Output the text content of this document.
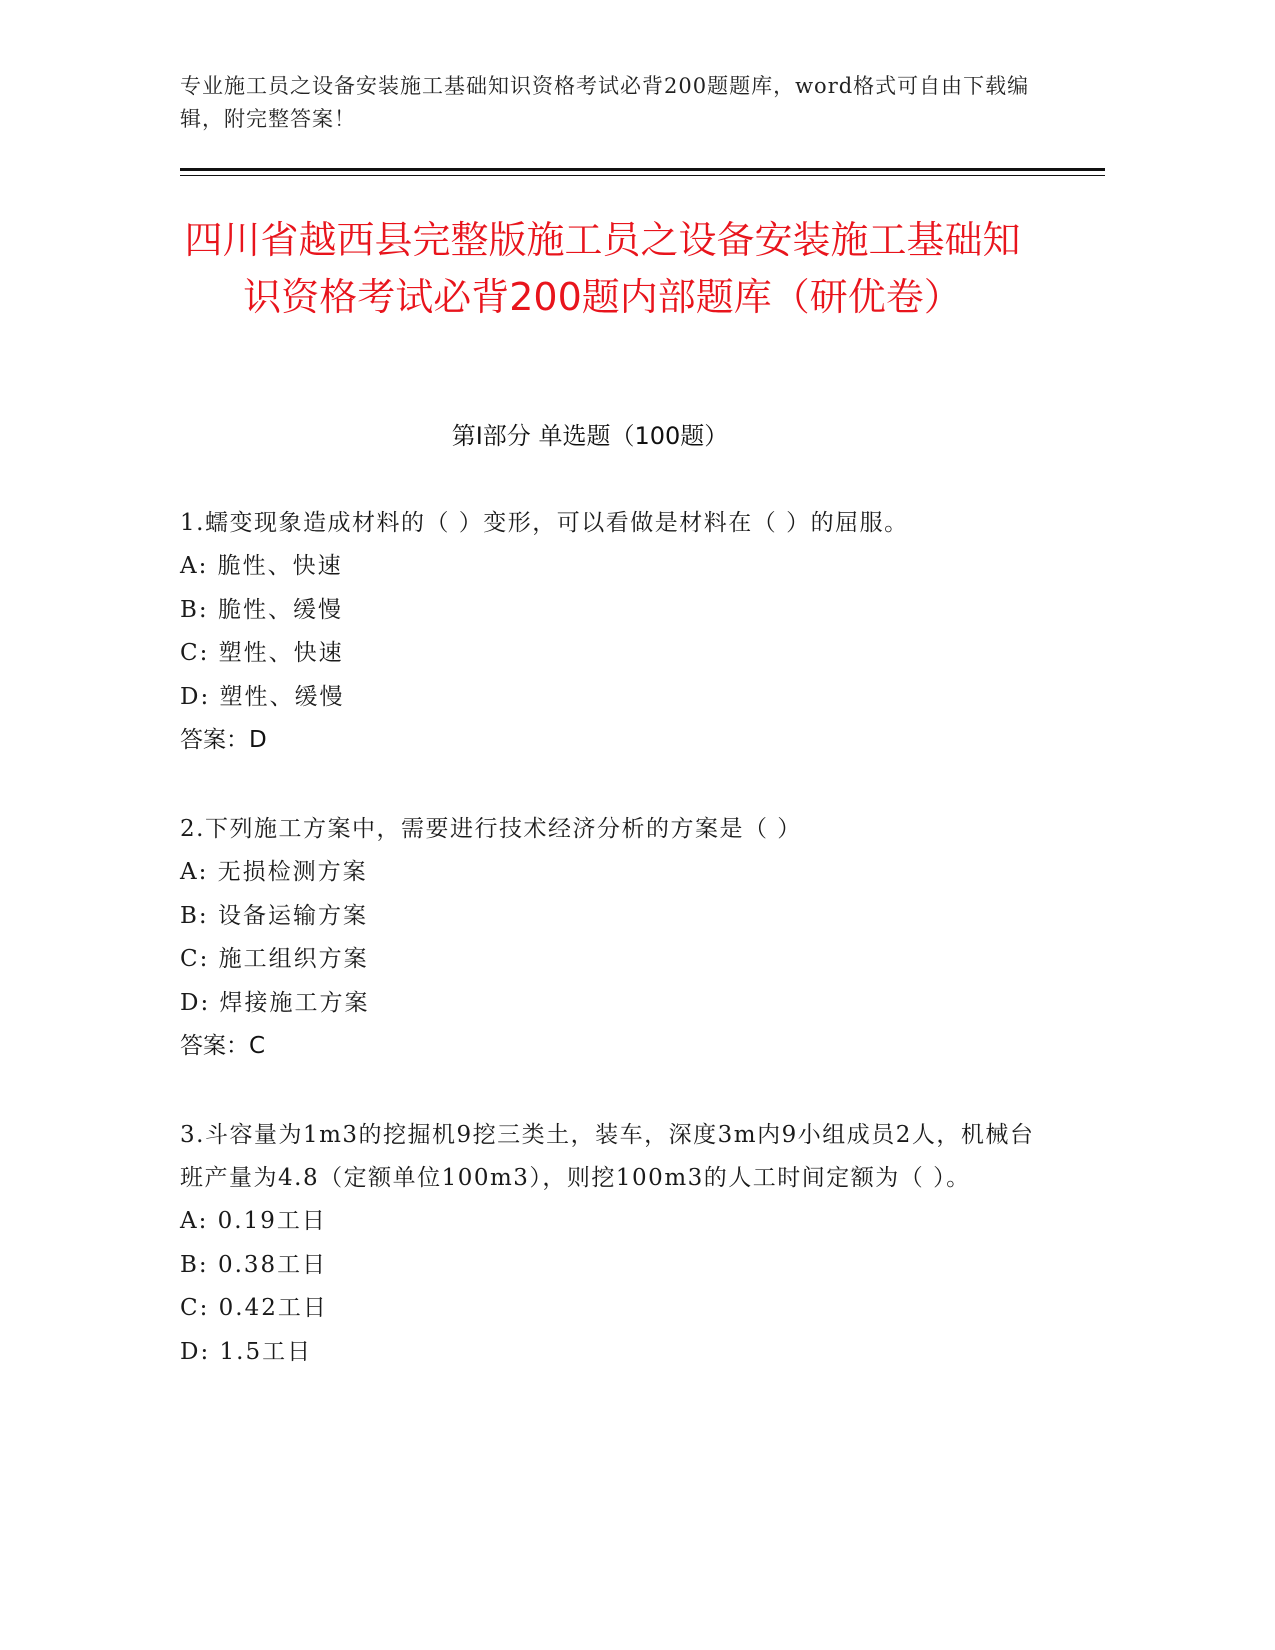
专业施工员之设备安装施工基础知识资格考试必背200题题库，word格式可自由下载编辑，附完整答案！
四川省越西县完整版施工员之设备安装施工基础知识资格考试必背200题内部题库（研优卷）
第Ⅰ部分 单选题（100题）
1.蠕变现象造成材料的（ ）变形，可以看做是材料在（ ）的屈服。
A: 脆性、快速
B: 脆性、缓慢
C: 塑性、快速
D: 塑性、缓慢
答案：D
2.下列施工方案中，需要进行技术经济分析的方案是（ ）
A: 无损检测方案
B: 设备运输方案
C: 施工组织方案
D: 焊接施工方案
答案：C
3.斗容量为1m3的挖掘机9挖三类土，装车，深度3m内9小组成员2人，机械台班产量为4.8（定额单位100m3），则挖100m3的人工时间定额为（ ）。
A: 0.19工日
B: 0.38工日
C: 0.42工日
D: 1.5工日
